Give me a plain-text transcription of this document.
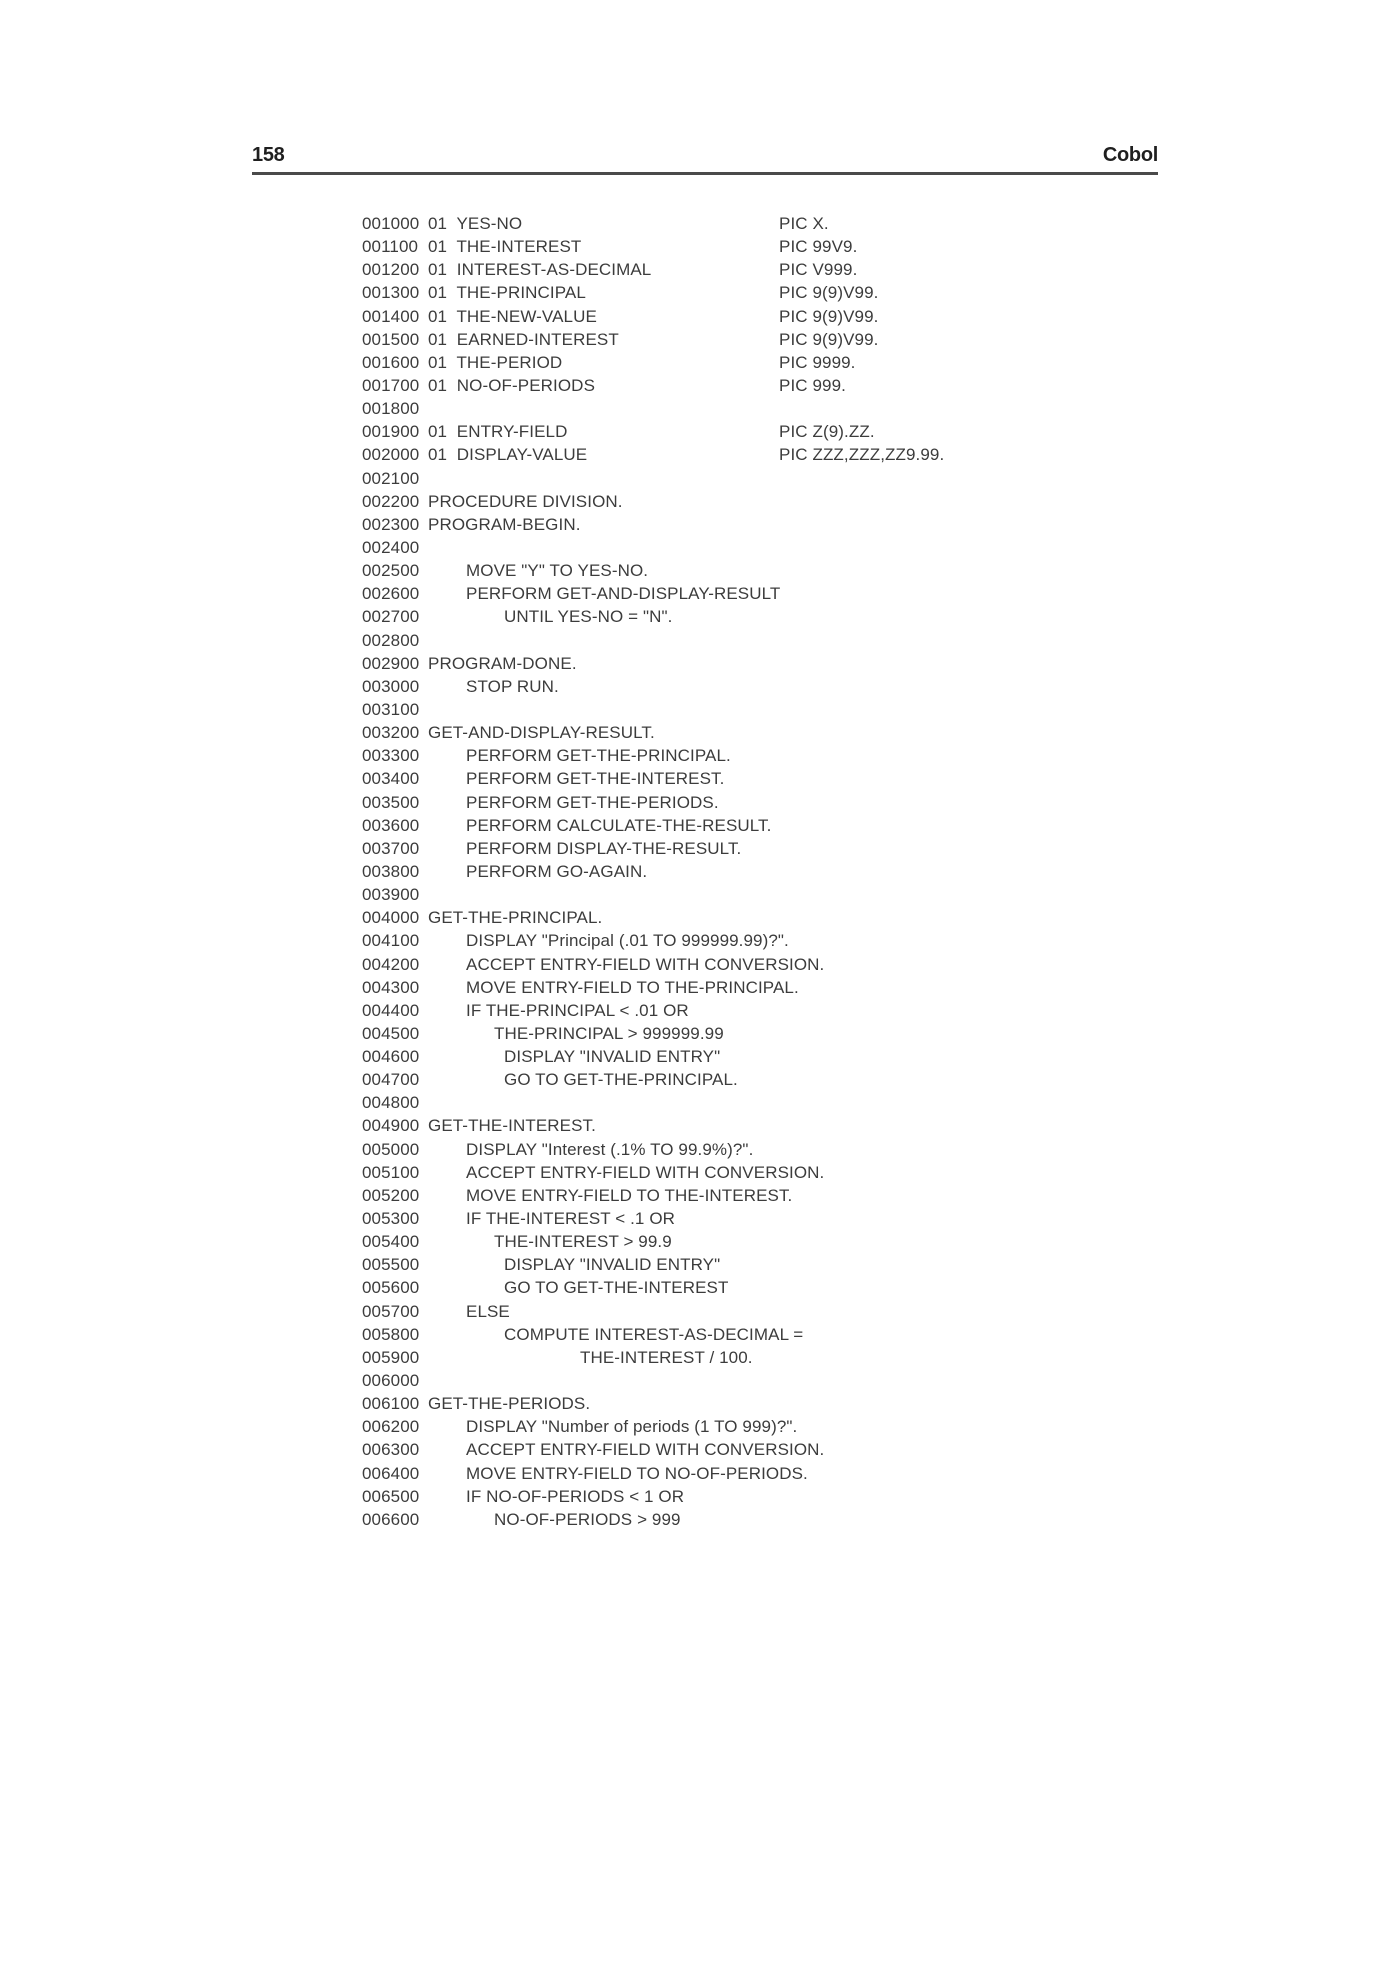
158	Cobol
001000 01  YES-NO	PIC X.
001100 01  THE-INTEREST	PIC 99V9.
001200 01  INTEREST-AS-DECIMAL	PIC V999.
001300 01  THE-PRINCIPAL	PIC 9(9)V99.
001400 01  THE-NEW-VALUE	PIC 9(9)V99.
001500 01  EARNED-INTEREST	PIC 9(9)V99.
001600 01  THE-PERIOD	PIC 9999.
001700 01  NO-OF-PERIODS	PIC 999.
001800
001900 01  ENTRY-FIELD	PIC Z(9).ZZ.
002000 01  DISPLAY-VALUE	PIC ZZZ,ZZZ,ZZ9.99.
002100
002200 PROCEDURE DIVISION.
002300 PROGRAM-BEGIN.
002400
002500	MOVE "Y" TO YES-NO.
002600	PERFORM GET-AND-DISPLAY-RESULT
002700	UNTIL YES-NO = "N".
002800
002900 PROGRAM-DONE.
003000	STOP RUN.
003100
003200 GET-AND-DISPLAY-RESULT.
003300	PERFORM GET-THE-PRINCIPAL.
003400	PERFORM GET-THE-INTEREST.
003500	PERFORM GET-THE-PERIODS.
003600	PERFORM CALCULATE-THE-RESULT.
003700	PERFORM DISPLAY-THE-RESULT.
003800	PERFORM GO-AGAIN.
003900
004000 GET-THE-PRINCIPAL.
004100	DISPLAY "Principal (.01 TO 999999.99)?".
004200	ACCEPT ENTRY-FIELD WITH CONVERSION.
004300	MOVE ENTRY-FIELD TO THE-PRINCIPAL.
004400	IF THE-PRINCIPAL < .01 OR
004500	THE-PRINCIPAL > 999999.99
004600	DISPLAY "INVALID ENTRY"
004700	GO TO GET-THE-PRINCIPAL.
004800
004900 GET-THE-INTEREST.
005000	DISPLAY "Interest (.1% TO 99.9%)?".
005100	ACCEPT ENTRY-FIELD WITH CONVERSION.
005200	MOVE ENTRY-FIELD TO THE-INTEREST.
005300	IF THE-INTEREST < .1 OR
005400	THE-INTEREST > 99.9
005500	DISPLAY "INVALID ENTRY"
005600	GO TO GET-THE-INTEREST
005700	ELSE
005800	COMPUTE INTEREST-AS-DECIMAL =
005900	THE-INTEREST / 100.
006000
006100 GET-THE-PERIODS.
006200	DISPLAY "Number of periods (1 TO 999)?".
006300	ACCEPT ENTRY-FIELD WITH CONVERSION.
006400	MOVE ENTRY-FIELD TO NO-OF-PERIODS.
006500	IF NO-OF-PERIODS < 1 OR
006600	NO-OF-PERIODS > 999
